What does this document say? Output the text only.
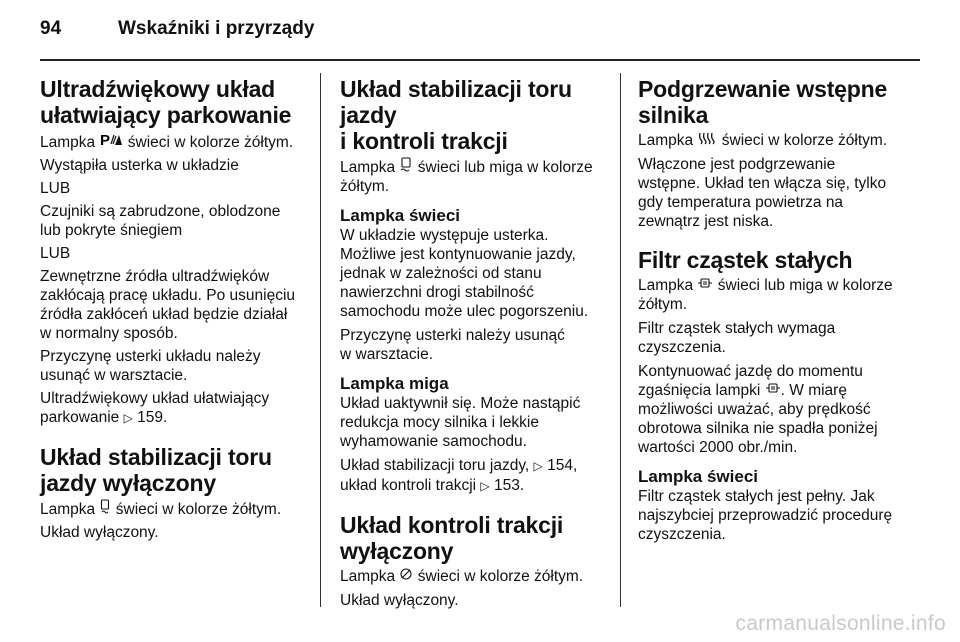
94	Wskaźniki i przyrządy
Ultradźwiękowy układ ułatwiający parkowanie

Lampka P świeci w kolorze żółtym.

Wystąpiła usterka w układzie

LUB

Czujniki są zabrudzone, oblodzone
lub pokryte śniegiem

LUB

Zewnętrzne źródła ultradźwięków
zakłócają pracę układu. Po usunięciu
źródła zakłóceń układ będzie działał
w normalny sposób.

Przyczynę usterki układu należy
usunąć w warsztacie.

Ultradźwiękowy układ ułatwiający
parkowanie ▷ 159.

Układ stabilizacji toru jazdy wyłączony

Lampka  świeci w kolorze żółtym.

Układ wyłączony.

Układ stabilizacji toru jazdy
i kontroli trakcji

Lampka  świeci lub miga w kolorze
żółtym.

Lampka świeci

W układzie występuje usterka.
Możliwe jest kontynuowanie jazdy,
jednak w zależności od stanu
nawierzchni drogi stabilność
samochodu może ulec pogorszeniu.

Przyczynę usterki należy usunąć
w warsztacie.

Lampka miga

Układ uaktywnił się. Może nastąpić
redukcja mocy silnika i lekkie
wyhamowanie samochodu.

Układ stabilizacji toru jazdy, ▷ 154,
układ kontroli trakcji ▷ 153.

Układ kontroli trakcji
wyłączony

Lampka  świeci w kolorze żółtym.

Układ wyłączony.

Podgrzewanie wstępne
silnika

Lampka  świeci w kolorze żółtym.

Włączone jest podgrzewanie
wstępne. Układ ten włącza się, tylko
gdy temperatura powietrza na
zewnątrz jest niska.

Filtr cząstek stałych

Lampka  świeci lub miga w kolorze
żółtym.

Filtr cząstek stałych wymaga
czyszczenia.

Kontynuować jazdę do momentu
zgaśnięcia lampki . W miarę
możliwości uważać, aby prędkość
obrotowa silnika nie spadła poniżej
wartości 2000 obr./min.

Lampka świeci

Filtr cząstek stałych jest pełny. Jak
najszybciej przeprowadzić procedurę
czyszczenia.

carmanualsonline.info
